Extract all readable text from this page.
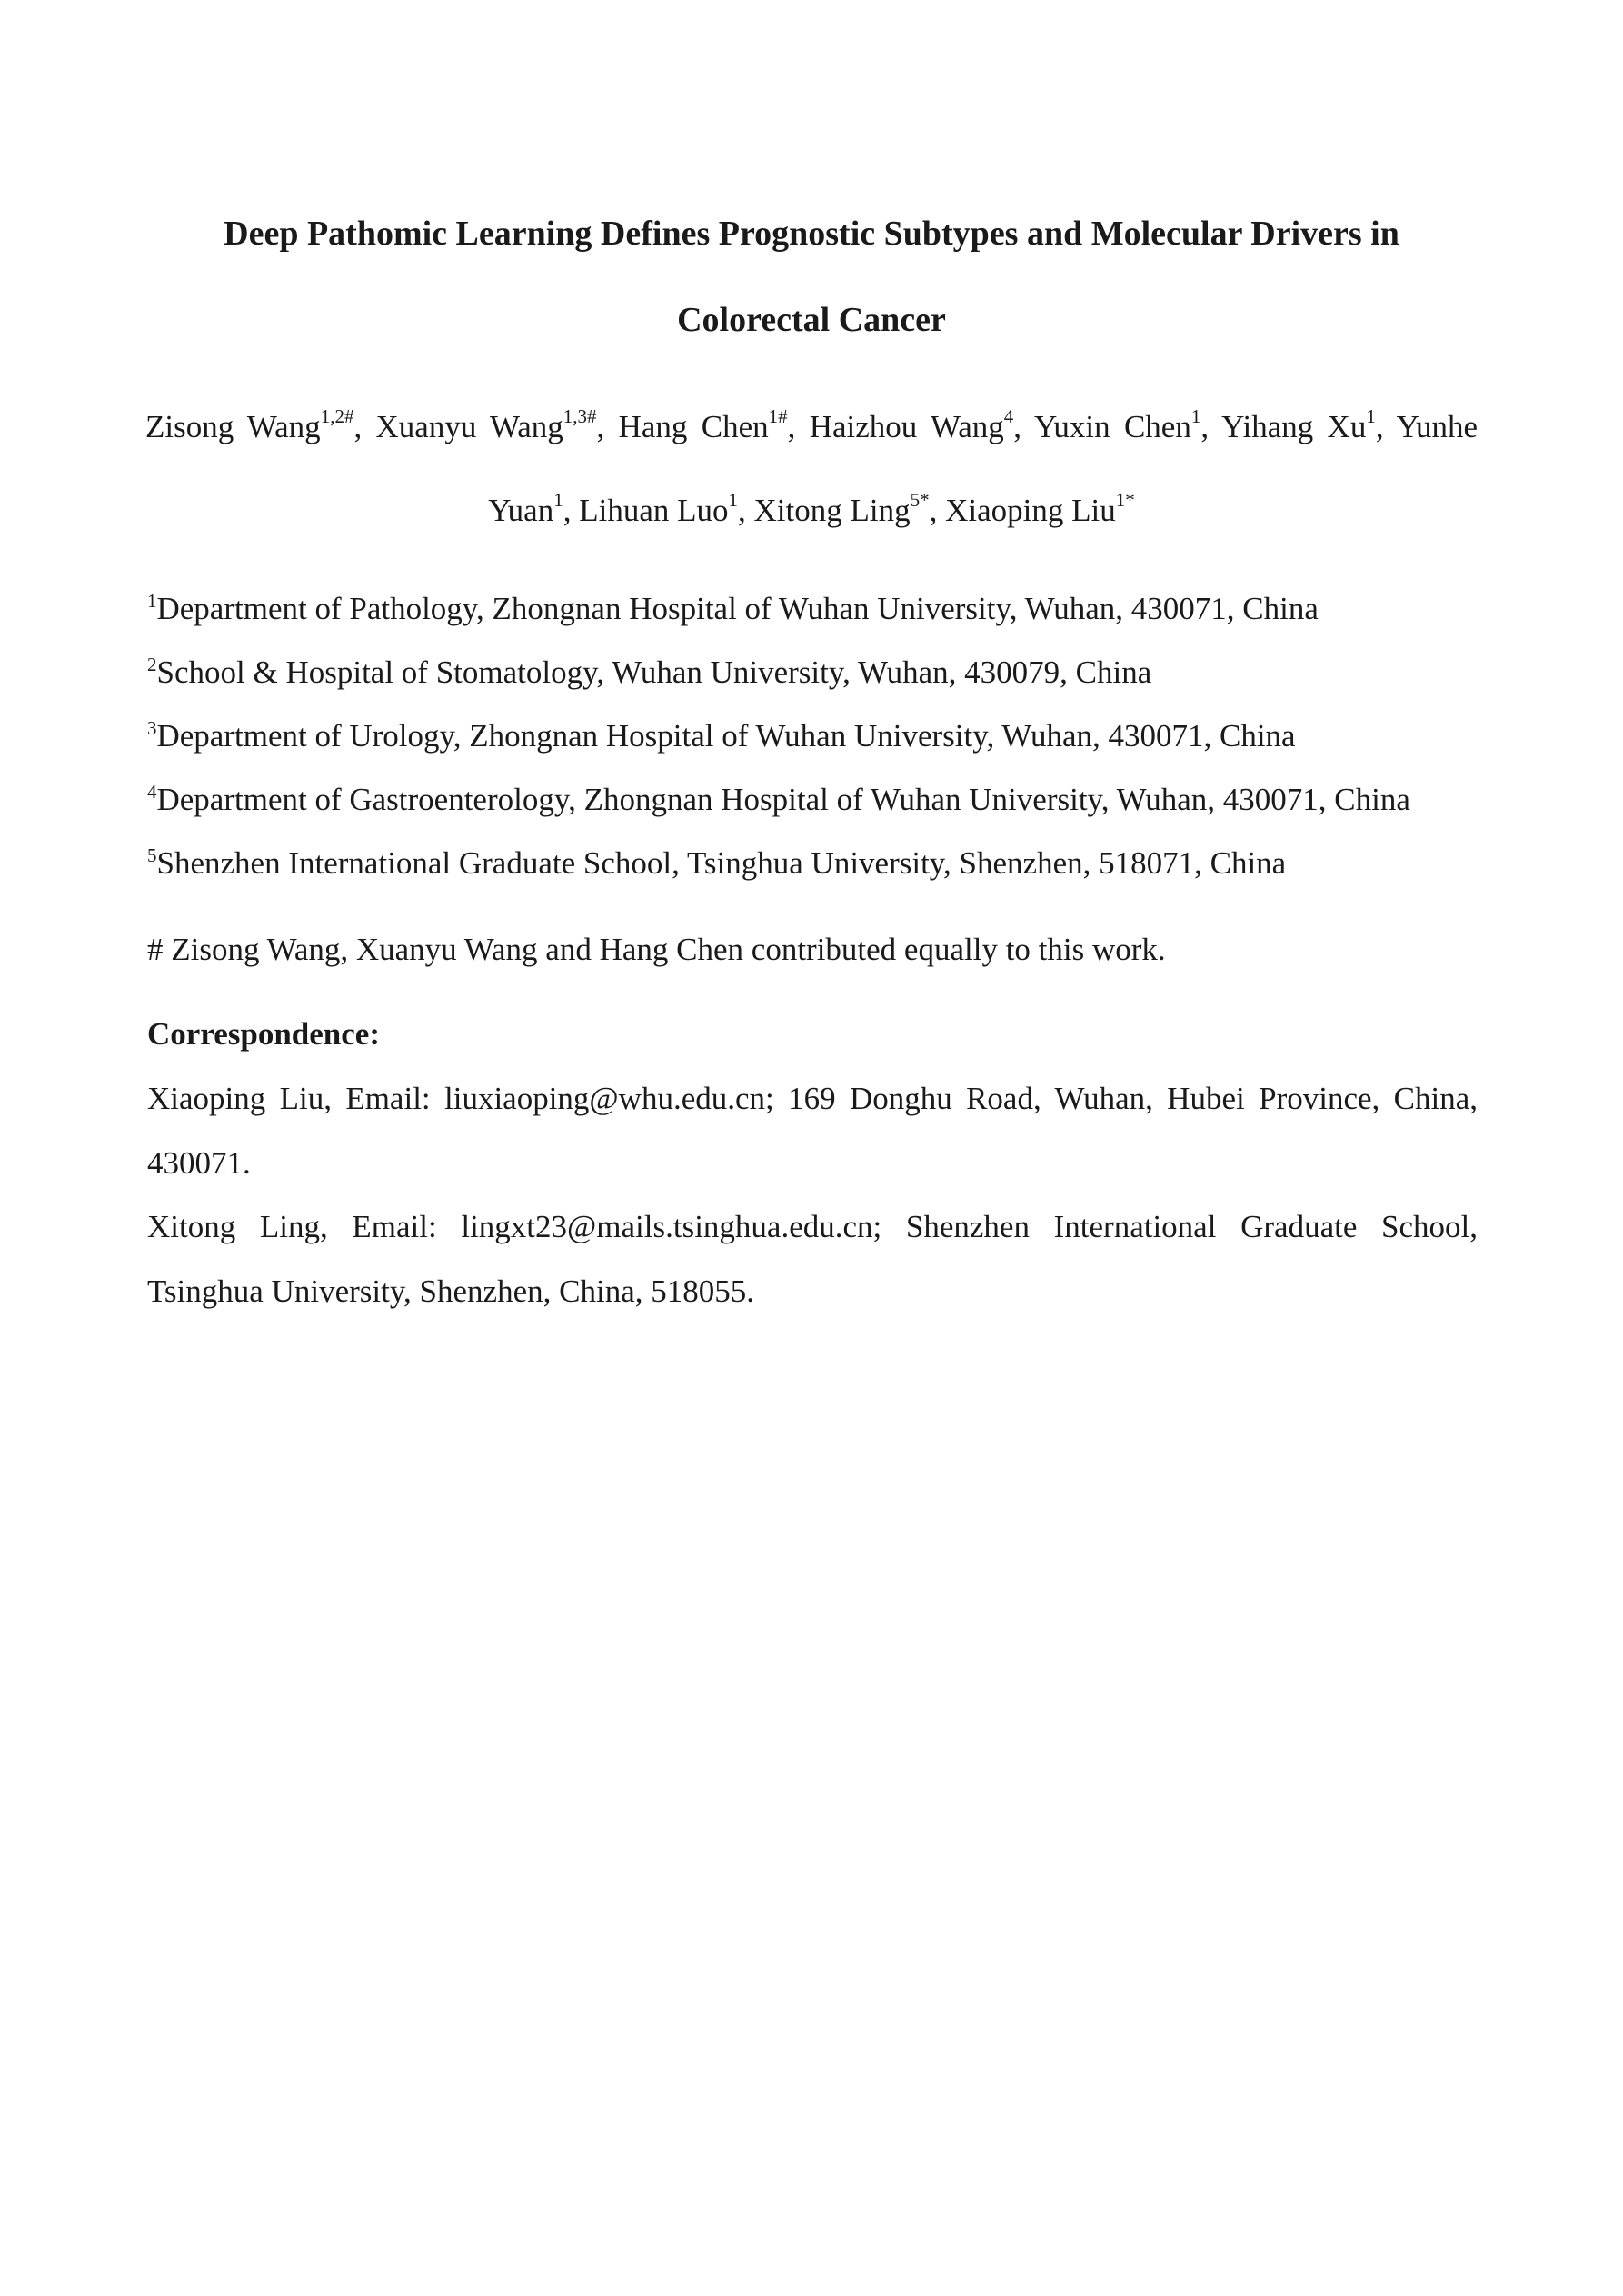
Deep Pathomic Learning Defines Prognostic Subtypes and Molecular Drivers in
Colorectal Cancer
Zisong Wang$^{1,2\#}$, Xuanyu Wang$^{1,3\#}$, Hang Chen$^{1\#}$, Haizhou Wang$^4$, Yuxin Chen$^1$, Yihang Xu$^1$, Yunhe
Yuan$^1$, Lihuan Luo$^1$, Xitong Ling$^{5*}$, Xiaoping Liu$^{1*}$
$^1$Department of Pathology, Zhongnan Hospital of Wuhan University, Wuhan, 430071, China
$^2$School & Hospital of Stomatology, Wuhan University, Wuhan, 430079, China
$^3$Department of Urology, Zhongnan Hospital of Wuhan University, Wuhan, 430071, China
$^4$Department of Gastroenterology, Zhongnan Hospital of Wuhan University, Wuhan, 430071, China
$^5$Shenzhen International Graduate School, Tsinghua University, Shenzhen, 518071, China
# Zisong Wang, Xuanyu Wang and Hang Chen contributed equally to this work.
Correspondence:
Xiaoping Liu, Email: liuxiaoping@whu.edu.cn; 169 Donghu Road, Wuhan, Hubei Province, China,
430071.
Xitong Ling, Email: lingxt23@mails.tsinghua.edu.cn; Shenzhen International Graduate School,
Tsinghua University, Shenzhen, China, 518055.
